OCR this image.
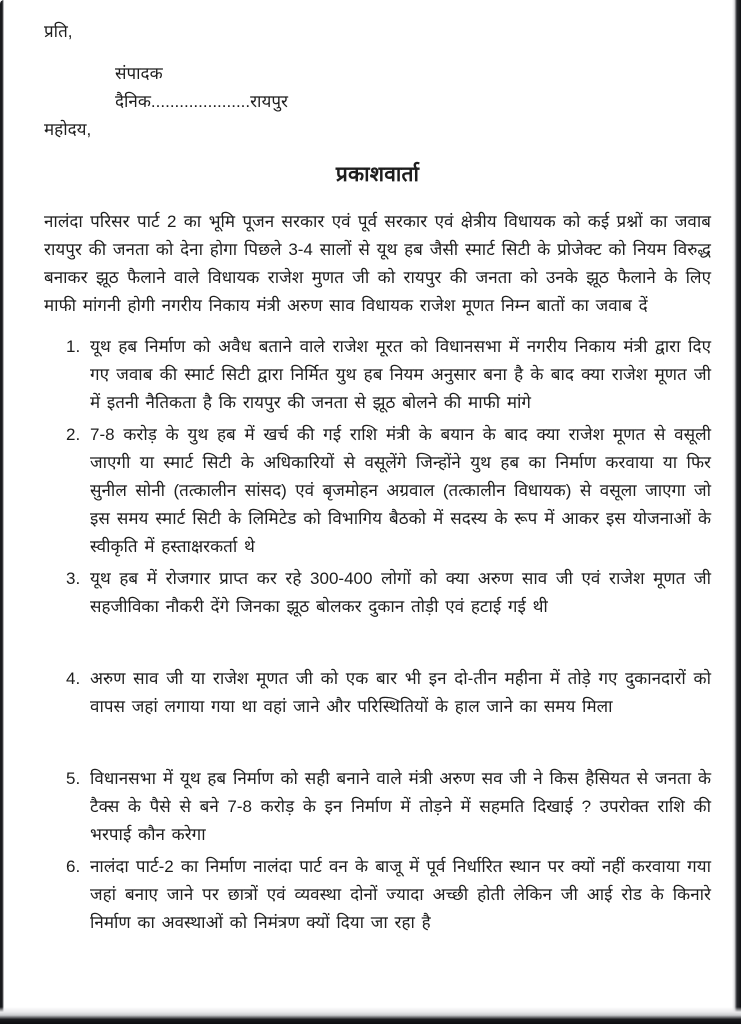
प्रति,
संपादक
दैनिक.....................रायपुर
महोदय,
प्रकाशवार्ता

नालंदा परिसर पार्ट 2 का भूमि पूजन सरकार एवं पूर्व सरकार एवं क्षेत्रीय विधायक को कई प्रश्नों का जवाब रायपुर की जनता को देना होगा पिछले 3-4 सालों से यूथ हब जैसी स्मार्ट सिटी के प्रोजेक्ट को नियम विरुद्ध बनाकर झूठ फैलाने वाले विधायक राजेश मुणत जी को रायपुर की जनता को उनके झूठ फैलाने के लिए माफी मांगनी होगी नगरीय निकाय मंत्री अरुण साव विधायक राजेश मूणत निम्न बातों का जवाब दें

1. यूथ हब निर्माण को अवैध बताने वाले राजेश मूरत को विधानसभा में नगरीय निकाय मंत्री द्वारा दिए गए जवाब की स्मार्ट सिटी द्वारा निर्मित युथ हब नियम अनुसार बना है के बाद क्या राजेश मूणत जी में इतनी नैतिकता है कि रायपुर की जनता से झूठ बोलने की माफी मांगे
2. 7-8 करोड़ के युथ हब में खर्च की गई राशि मंत्री के बयान के बाद क्या राजेश मूणत से वसूली जाएगी या स्मार्ट सिटी के अधिकारियों से वसूलेंगे जिन्होंने युथ हब का निर्माण करवाया या फिर सुनील सोनी (तत्कालीन सांसद) एवं बृजमोहन अग्रवाल (तत्कालीन विधायक) से वसूला जाएगा जो इस समय स्मार्ट सिटी के लिमिटेड को विभागिय बैठको में सदस्य के रूप में आकर इस योजनाओं के स्वीकृति में हस्ताक्षरकर्ता थे
3. यूथ हब में रोजगार प्राप्त कर रहे 300-400 लोगों को क्या अरुण साव जी एवं राजेश मूणत जी सहजीविका नौकरी देंगे जिनका झूठ बोलकर दुकान तोड़ी एवं हटाई गई थी
4. अरुण साव जी या राजेश मूणत जी को एक बार भी इन दो-तीन महीना में तोड़े गए दुकानदारों को वापस जहां लगाया गया था वहां जाने और परिस्थितियों के हाल जाने का समय मिला
5. विधानसभा में यूथ हब निर्माण को सही बनाने वाले मंत्री अरुण सव जी ने किस हैसियत से जनता के टैक्स के पैसे से बने 7-8 करोड़ के इन निर्माण में तोड़ने में सहमति दिखाई ? उपरोक्त राशि की भरपाई कौन करेगा
6. नालंदा पार्ट-2 का निर्माण नालंदा पार्ट वन के बाजू में पूर्व निर्धारित स्थान पर क्यों नहीं करवाया गया जहां बनाए जाने पर छात्रों एवं व्यवस्था दोनों ज्यादा अच्छी होती लेकिन जी आई रोड के किनारे निर्माण का अवस्थाओं को निमंत्रण क्यों दिया जा रहा है
